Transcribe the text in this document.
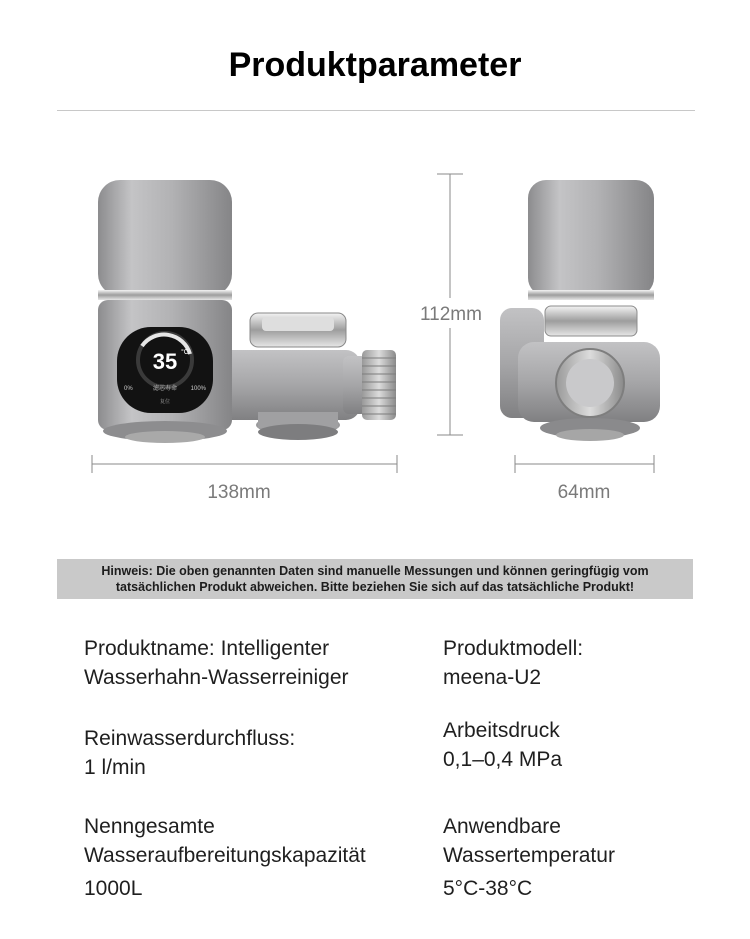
Produktparameter
35 °C
0%	滤芯寿命 100%
复位
138mm
112mm
64mm
Hinweis: Die oben genannten Daten sind manuelle Messungen und können geringfügig vom tatsächlichen Produkt abweichen. Bitte beziehen Sie sich auf das tatsächliche Produkt!
Produktname: Intelligenter
Wasserhahn-Wasserreiniger
Produktmodell:
meena-U2
Reinwasserdurchfluss:
1 l/min
Arbeitsdruck
0,1–0,4 MPa
Nenngesamte
Wasseraufbereitungskapazität
1000L
Anwendbare
Wassertemperatur
5°C-38°C
